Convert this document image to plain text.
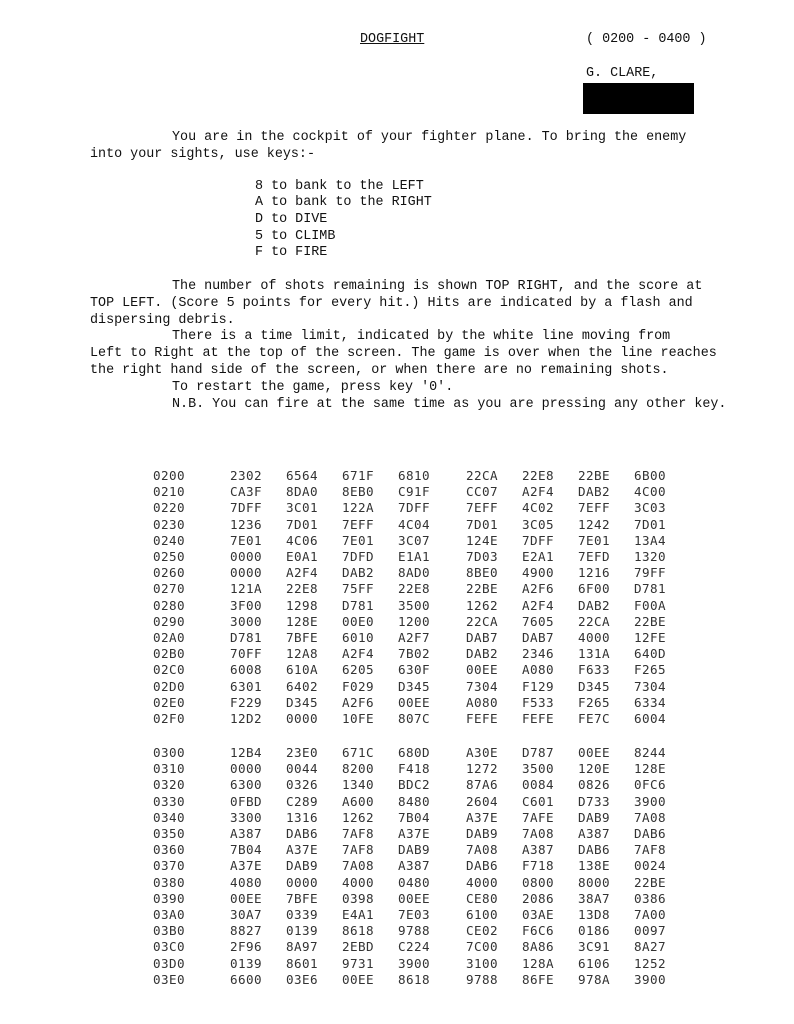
DOGFIGHT	( 0200 - 0400 )
G. CLARE,
You are in the cockpit of your fighter plane. To bring the enemy
into your sights, use keys:-
8 to bank to the LEFT
A to bank to the RIGHT
D to DIVE
5 to CLIMB
F to FIRE
The number of shots remaining is shown TOP RIGHT, and the score at
TOP LEFT. (Score 5 points for every hit.) Hits are indicated by a flash and
dispersing debris.
There is a time limit, indicated by the white line moving from
Left to Right at the top of the screen. The game is over when the line reaches
the right hand side of the screen, or when there are no remaining shots.
To restart the game, press key '0'.
N.B. You can fire at the same time as you are pressing any other key.
0200	2302 6564 671F 6810	22CA 22E8 22BE 6B00
0210	CA3F 8DA0 8EB0 C91F	CC07 A2F4 DAB2 4C00
0220	7DFF 3C01 122A 7DFF	7EFF 4C02 7EFF 3C03
0230	1236 7D01 7EFF 4C04	7D01 3C05 1242 7D01
0240	7E01 4C06 7E01 3C07	124E 7DFF 7E01 13A4
0250	0000 E0A1 7DFD E1A1	7D03 E2A1 7EFD 1320
0260	0000 A2F4 DAB2 8AD0	8BE0 4900 1216 79FF
0270	121A 22E8 75FF 22E8	22BE A2F6 6F00 D781
0280	3F00 1298 D781 3500	1262 A2F4 DAB2 F00A
0290	3000 128E 00E0 1200	22CA 7605 22CA 22BE
02A0	D781 7BFE 6010 A2F7	DAB7 DAB7 4000 12FE
02B0	70FF 12A8 A2F4 7B02	DAB2 2346 131A 640D
02C0	6008 610A 6205 630F	00EE A080 F633 F265
02D0	6301 6402 F029 D345	7304 F129 D345 7304
02E0	F229 D345 A2F6 00EE	A080 F533 F265 6334
02F0	12D2 0000 10FE 807C	FEFE FEFE FE7C 6004
0300	12B4 23E0 671C 680D	A30E D787 00EE 8244
0310	0000 0044 8200 F418	1272 3500 120E 128E
0320	6300 0326 1340 BDC2	87A6 0084 0826 0FC6
0330	0FBD C289 A600 8480	2604 C601 D733 3900
0340	3300 1316 1262 7B04	A37E 7AFE DAB9 7A08
0350	A387 DAB6 7AF8 A37E	DAB9 7A08 A387 DAB6
0360	7B04 A37E 7AF8 DAB9	7A08 A387 DAB6 7AF8
0370	A37E DAB9 7A08 A387	DAB6 F718 138E 0024
0380	4080 0000 4000 0480	4000 0800 8000 22BE
0390	00EE 7BFE 0398 00EE	CE80 2086 38A7 0386
03A0	30A7 0339 E4A1 7E03	6100 03AE 13D8 7A00
03B0	8827 0139 8618 9788	CE02 F6C6 0186 0097
03C0	2F96 8A97 2EBD C224	7C00 8A86 3C91 8A27
03D0	0139 8601 9731 3900	3100 128A 6106 1252
03E0	6600 03E6 00EE 8618	9788 86FE 978A 3900
